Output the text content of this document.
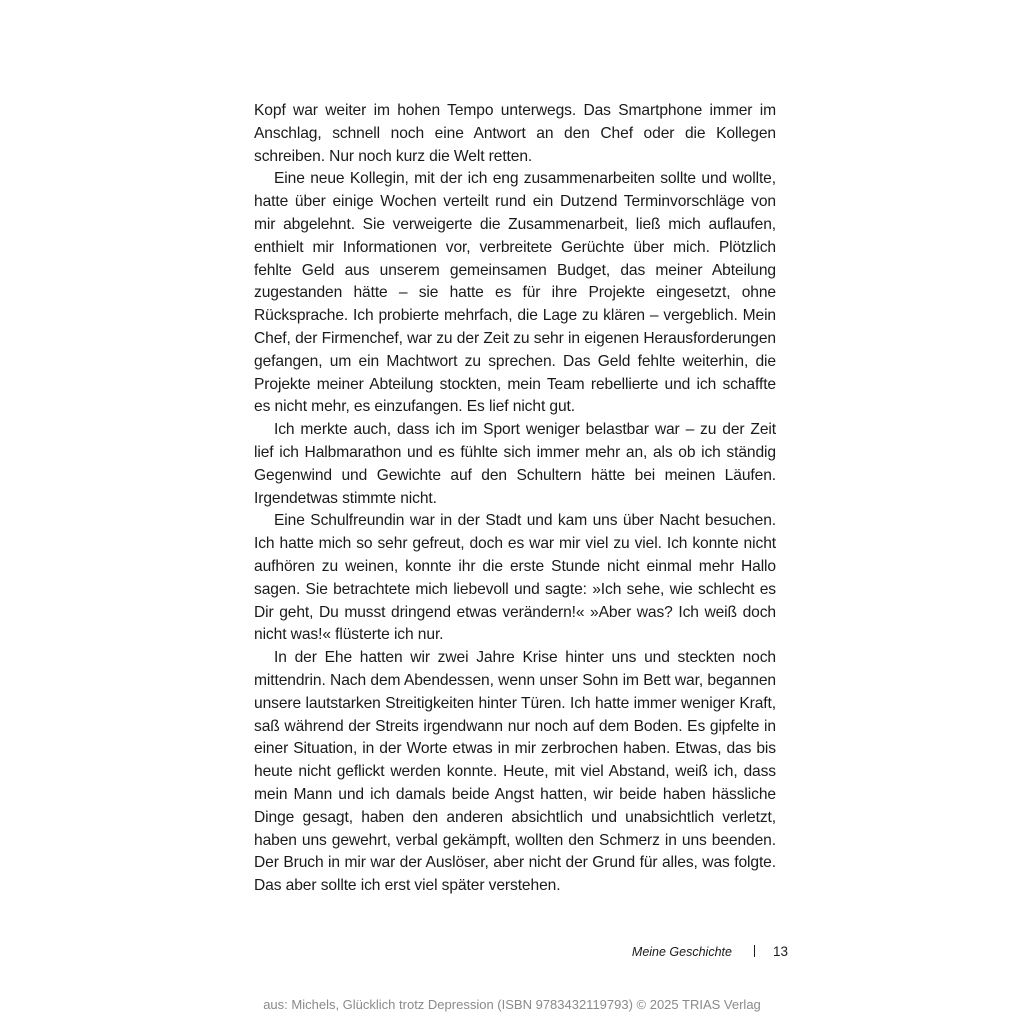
Kopf war weiter im hohen Tempo unterwegs. Das Smartphone immer im Anschlag, schnell noch eine Antwort an den Chef oder die Kollegen schreiben. Nur noch kurz die Welt retten.

Eine neue Kollegin, mit der ich eng zusammenarbeiten sollte und wollte, hatte über einige Wochen verteilt rund ein Dutzend Terminvorschläge von mir abgelehnt. Sie verweigerte die Zusammenarbeit, ließ mich auflaufen, enthielt mir Informationen vor, verbreitete Gerüchte über mich. Plötzlich fehlte Geld aus unserem gemeinsamen Budget, das meiner Abteilung zugestanden hätte – sie hatte es für ihre Projekte eingesetzt, ohne Rücksprache. Ich probierte mehrfach, die Lage zu klären – vergeblich. Mein Chef, der Firmenchef, war zu der Zeit zu sehr in eigenen Herausforderungen gefangen, um ein Machtwort zu sprechen. Das Geld fehlte weiterhin, die Projekte meiner Abteilung stockten, mein Team rebellierte und ich schaffte es nicht mehr, es einzufangen. Es lief nicht gut.

Ich merkte auch, dass ich im Sport weniger belastbar war – zu der Zeit lief ich Halbmarathon und es fühlte sich immer mehr an, als ob ich ständig Gegenwind und Gewichte auf den Schultern hätte bei meinen Läufen. Irgendetwas stimmte nicht.

Eine Schulfreundin war in der Stadt und kam uns über Nacht besuchen. Ich hatte mich so sehr gefreut, doch es war mir viel zu viel. Ich konnte nicht aufhören zu weinen, konnte ihr die erste Stunde nicht einmal mehr Hallo sagen. Sie betrachtete mich liebevoll und sagte: »Ich sehe, wie schlecht es Dir geht, Du musst dringend etwas verändern!« »Aber was? Ich weiß doch nicht was!« flüsterte ich nur.

In der Ehe hatten wir zwei Jahre Krise hinter uns und steckten noch mittendrin. Nach dem Abendessen, wenn unser Sohn im Bett war, begannen unsere lautstarken Streitigkeiten hinter Türen. Ich hatte immer weniger Kraft, saß während der Streits irgendwann nur noch auf dem Boden. Es gipfelte in einer Situation, in der Worte etwas in mir zerbrochen haben. Etwas, das bis heute nicht geflickt werden konnte. Heute, mit viel Abstand, weiß ich, dass mein Mann und ich damals beide Angst hatten, wir beide haben hässliche Dinge gesagt, haben den anderen absichtlich und unabsichtlich verletzt, haben uns gewehrt, verbal gekämpft, wollten den Schmerz in uns beenden. Der Bruch in mir war der Auslöser, aber nicht der Grund für alles, was folgte. Das aber sollte ich erst viel später verstehen.

Meine Geschichte	13
aus: Michels, Glücklich trotz Depression (ISBN 9783432119793) © 2025 TRIAS Verlag
